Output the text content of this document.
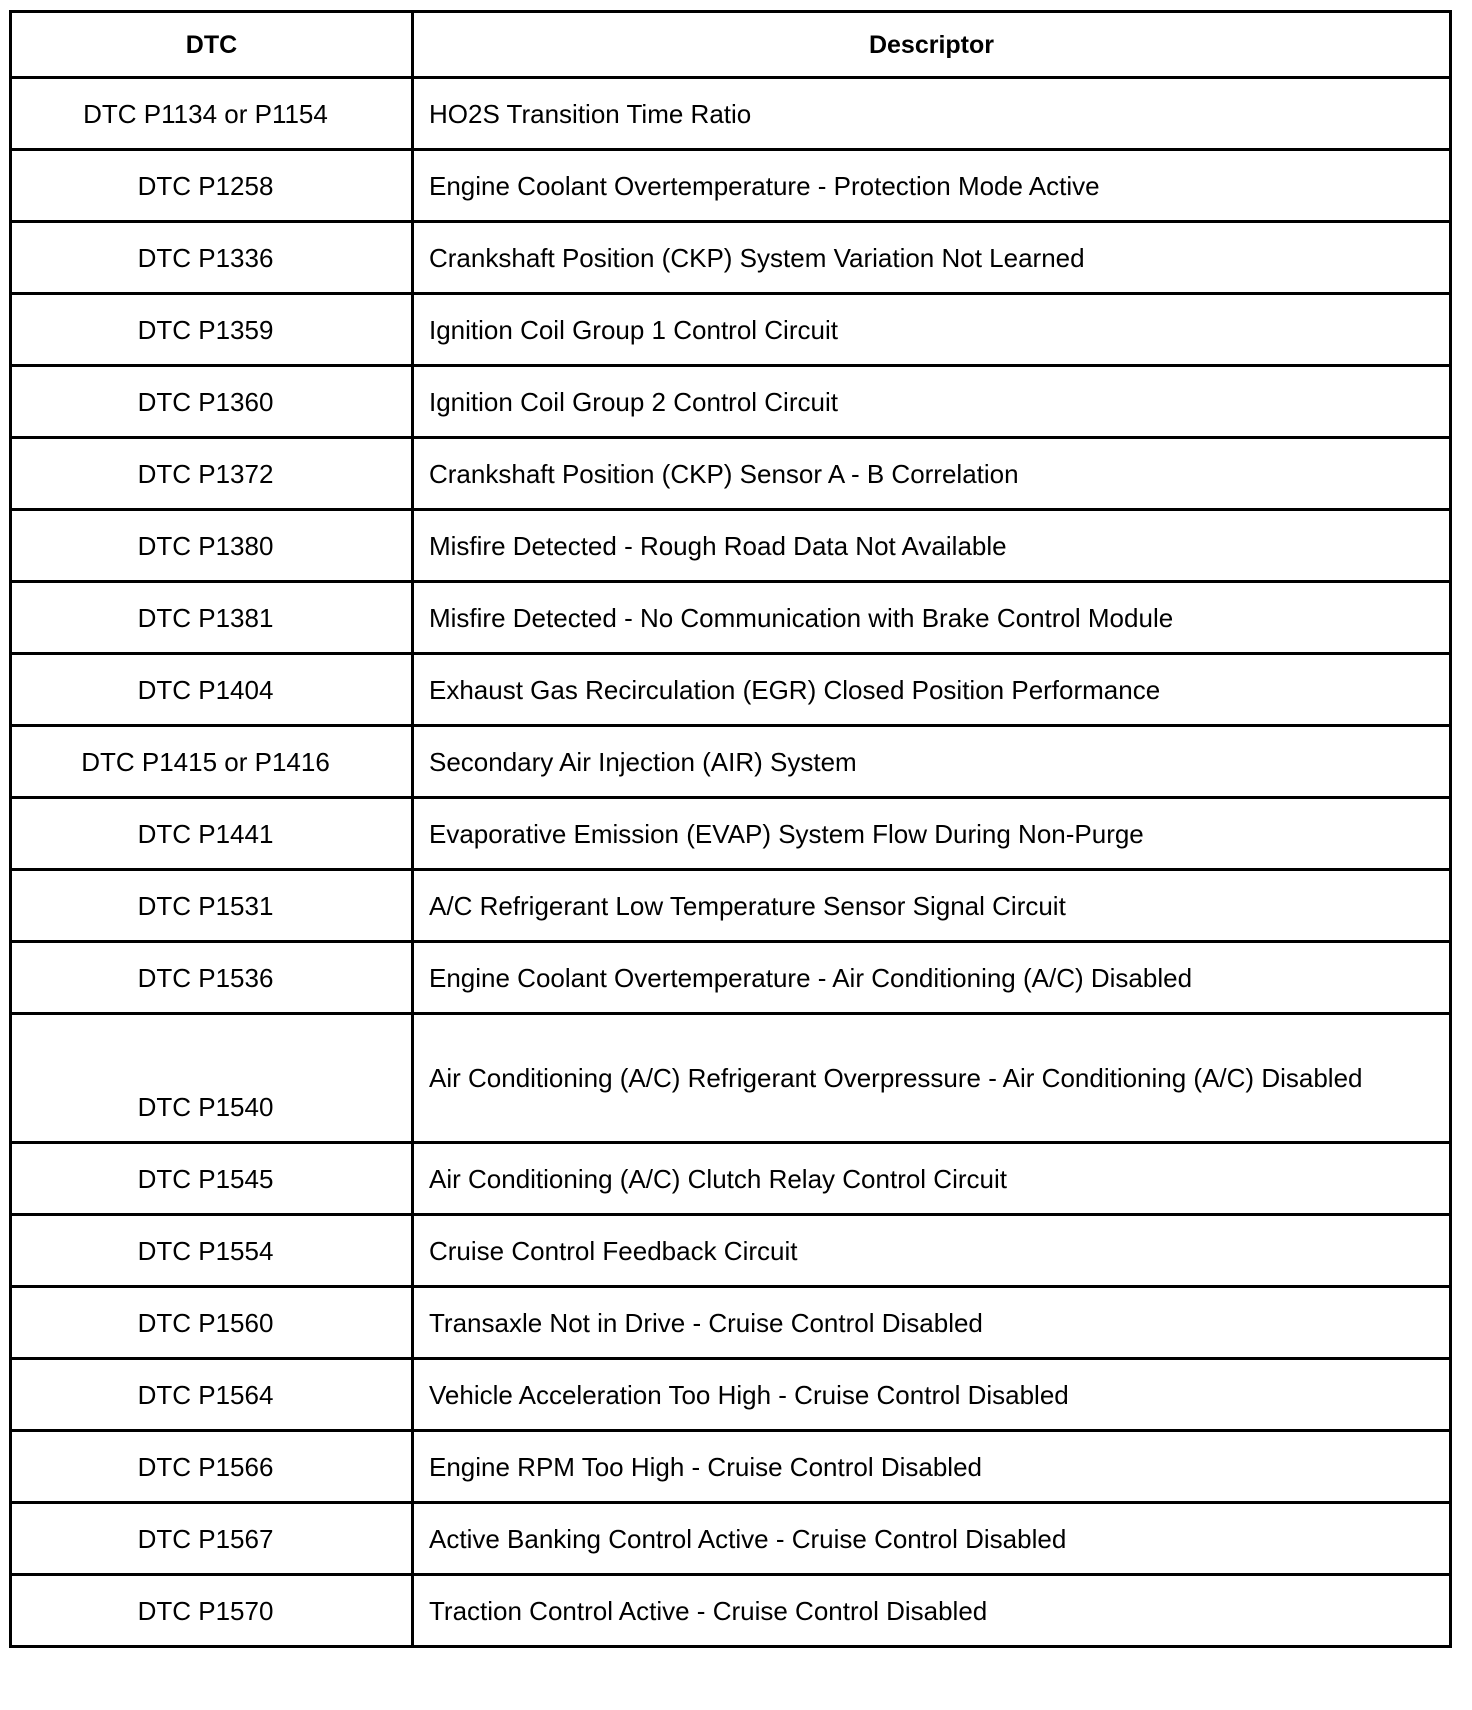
DTC	Descriptor
DTC P1134 or P1154	HO2S Transition Time Ratio
DTC P1258	Engine Coolant Overtemperature - Protection Mode Active
DTC P1336	Crankshaft Position (CKP) System Variation Not Learned
DTC P1359	Ignition Coil Group 1 Control Circuit
DTC P1360	Ignition Coil Group 2 Control Circuit
DTC P1372	Crankshaft Position (CKP) Sensor A - B Correlation
DTC P1380	Misfire Detected - Rough Road Data Not Available
DTC P1381	Misfire Detected - No Communication with Brake Control Module
DTC P1404	Exhaust Gas Recirculation (EGR) Closed Position Performance
DTC P1415 or P1416	Secondary Air Injection (AIR) System
DTC P1441	Evaporative Emission (EVAP) System Flow During Non-Purge
DTC P1531	A/C Refrigerant Low Temperature Sensor Signal Circuit
DTC P1536	Engine Coolant Overtemperature - Air Conditioning (A/C) Disabled
DTC P1540	Air Conditioning (A/C) Refrigerant Overpressure - Air Conditioning (A/C) Disabled
DTC P1545	Air Conditioning (A/C) Clutch Relay Control Circuit
DTC P1554	Cruise Control Feedback Circuit
DTC P1560	Transaxle Not in Drive - Cruise Control Disabled
DTC P1564	Vehicle Acceleration Too High - Cruise Control Disabled
DTC P1566	Engine RPM Too High - Cruise Control Disabled
DTC P1567	Active Banking Control Active - Cruise Control Disabled
DTC P1570	Traction Control Active - Cruise Control Disabled
